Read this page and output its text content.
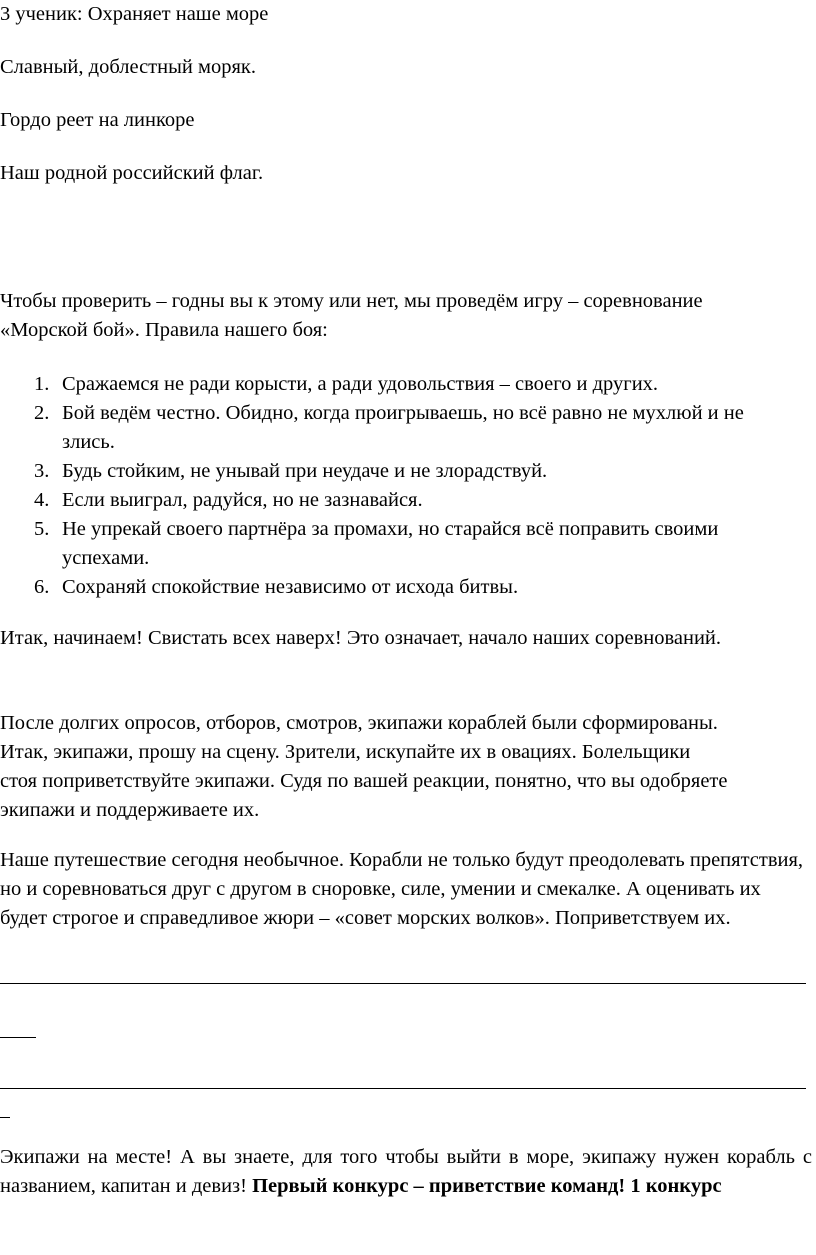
3 ученик: Охраняет наше море

Славный, доблестный моряк.

Гордо реет на линкоре

Наш родной российский флаг.

Чтобы проверить – годны вы к этому или нет, мы проведём игру – соревнование «Морской бой». Правила нашего боя:

1. Сражаемся не ради корысти, а ради удовольствия – своего и других.
2. Бой ведём честно. Обидно, когда проигрываешь, но всё равно не мухлюй и не злись.
3. Будь стойким, не унывай при неудаче и не злорадствуй.
4. Если выиграл, радуйся, но не зазнавайся.
5. Не упрекай своего партнёра за промахи, но старайся всё поправить своими успехами.
6. Сохраняй спокойствие независимо от исхода битвы.

Итак, начинаем! Свистать всех наверх! Это означает, начало наших соревнований.

После долгих опросов, отборов, смотров, экипажи кораблей были сформированы. Итак, экипажи, прошу на сцену. Зрители, искупайте их в овациях. Болельщики стоя поприветствуйте экипажи. Судя по вашей реакции, понятно, что вы одобряете экипажи и поддерживаете их.

Наше путешествие сегодня необычное. Корабли не только будут преодолевать препятствия, но и соревноваться друг с другом в сноровке, силе, умении и смекалке. А оценивать их будет строгое и справедливое жюри – «совет морских волков». Поприветствуем их.

Экипажи на месте! А вы знаете, для того чтобы выйти в море, экипажу нужен корабль с названием, капитан и девиз! Первый конкурс – приветствие команд! 1 конкурс
